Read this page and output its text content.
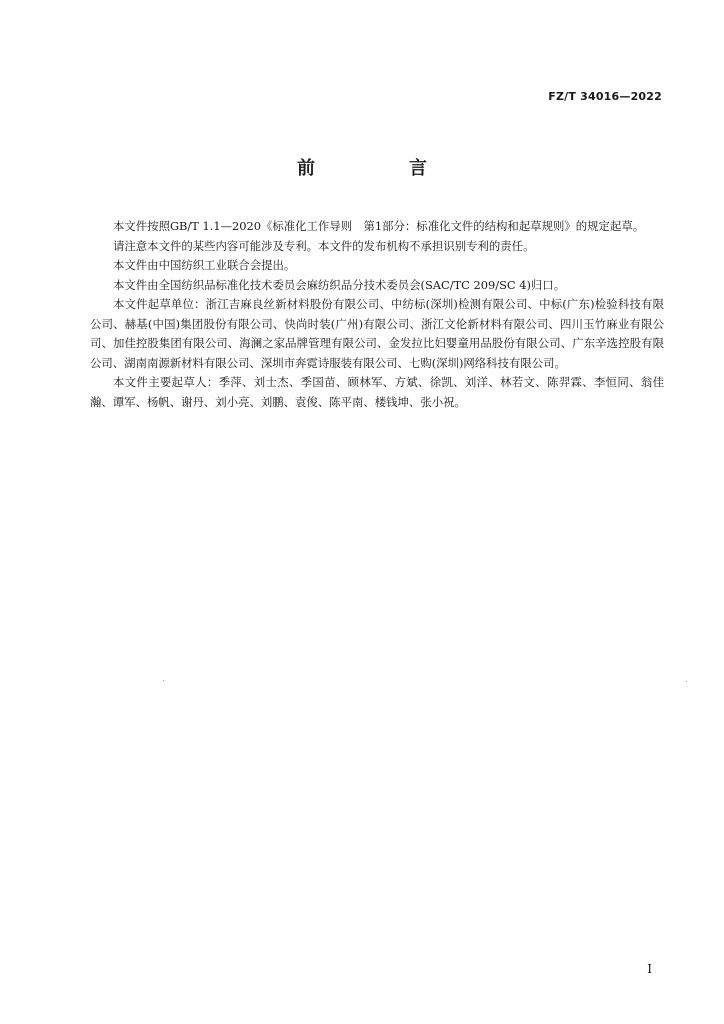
FZ/T 34016—2022
前　言

本文件按照GB/T 1.1—2020《标准化工作导则　第1部分：标准化文件的结构和起草规则》的规定起草。

请注意本文件的某些内容可能涉及专利。本文件的发布机构不承担识别专利的责任。

本文件由中国纺织工业联合会提出。

本文件由全国纺织品标准化技术委员会麻纺织品分技术委员会(SAC/TC 209/SC 4)归口。

本文件起草单位：浙江吉麻良丝新材料股份有限公司、中纺标(深圳)检测有限公司、中标(广东)检验科技有限公司、赫基(中国)集团股份有限公司、快尚时装(广州)有限公司、浙江文伦新材料有限公司、四川玉竹麻业有限公司、加佳控股集团有限公司、海澜之家品牌管理有限公司、金发拉比妇婴童用品股份有限公司、广东辛选控股有限公司、湖南南源新材料有限公司、深圳市奔霓诗服装有限公司、七购(深圳)网络科技有限公司。

本文件主要起草人：季萍、刘士杰、季国苗、顾林军、方斌、徐凯、刘洋、林若文、陈羿霖、李恒同、翁佳瀚、谭军、杨帆、谢丹、刘小亮、刘鹏、袁俊、陈平南、楼钱坤、张小祝。

I
